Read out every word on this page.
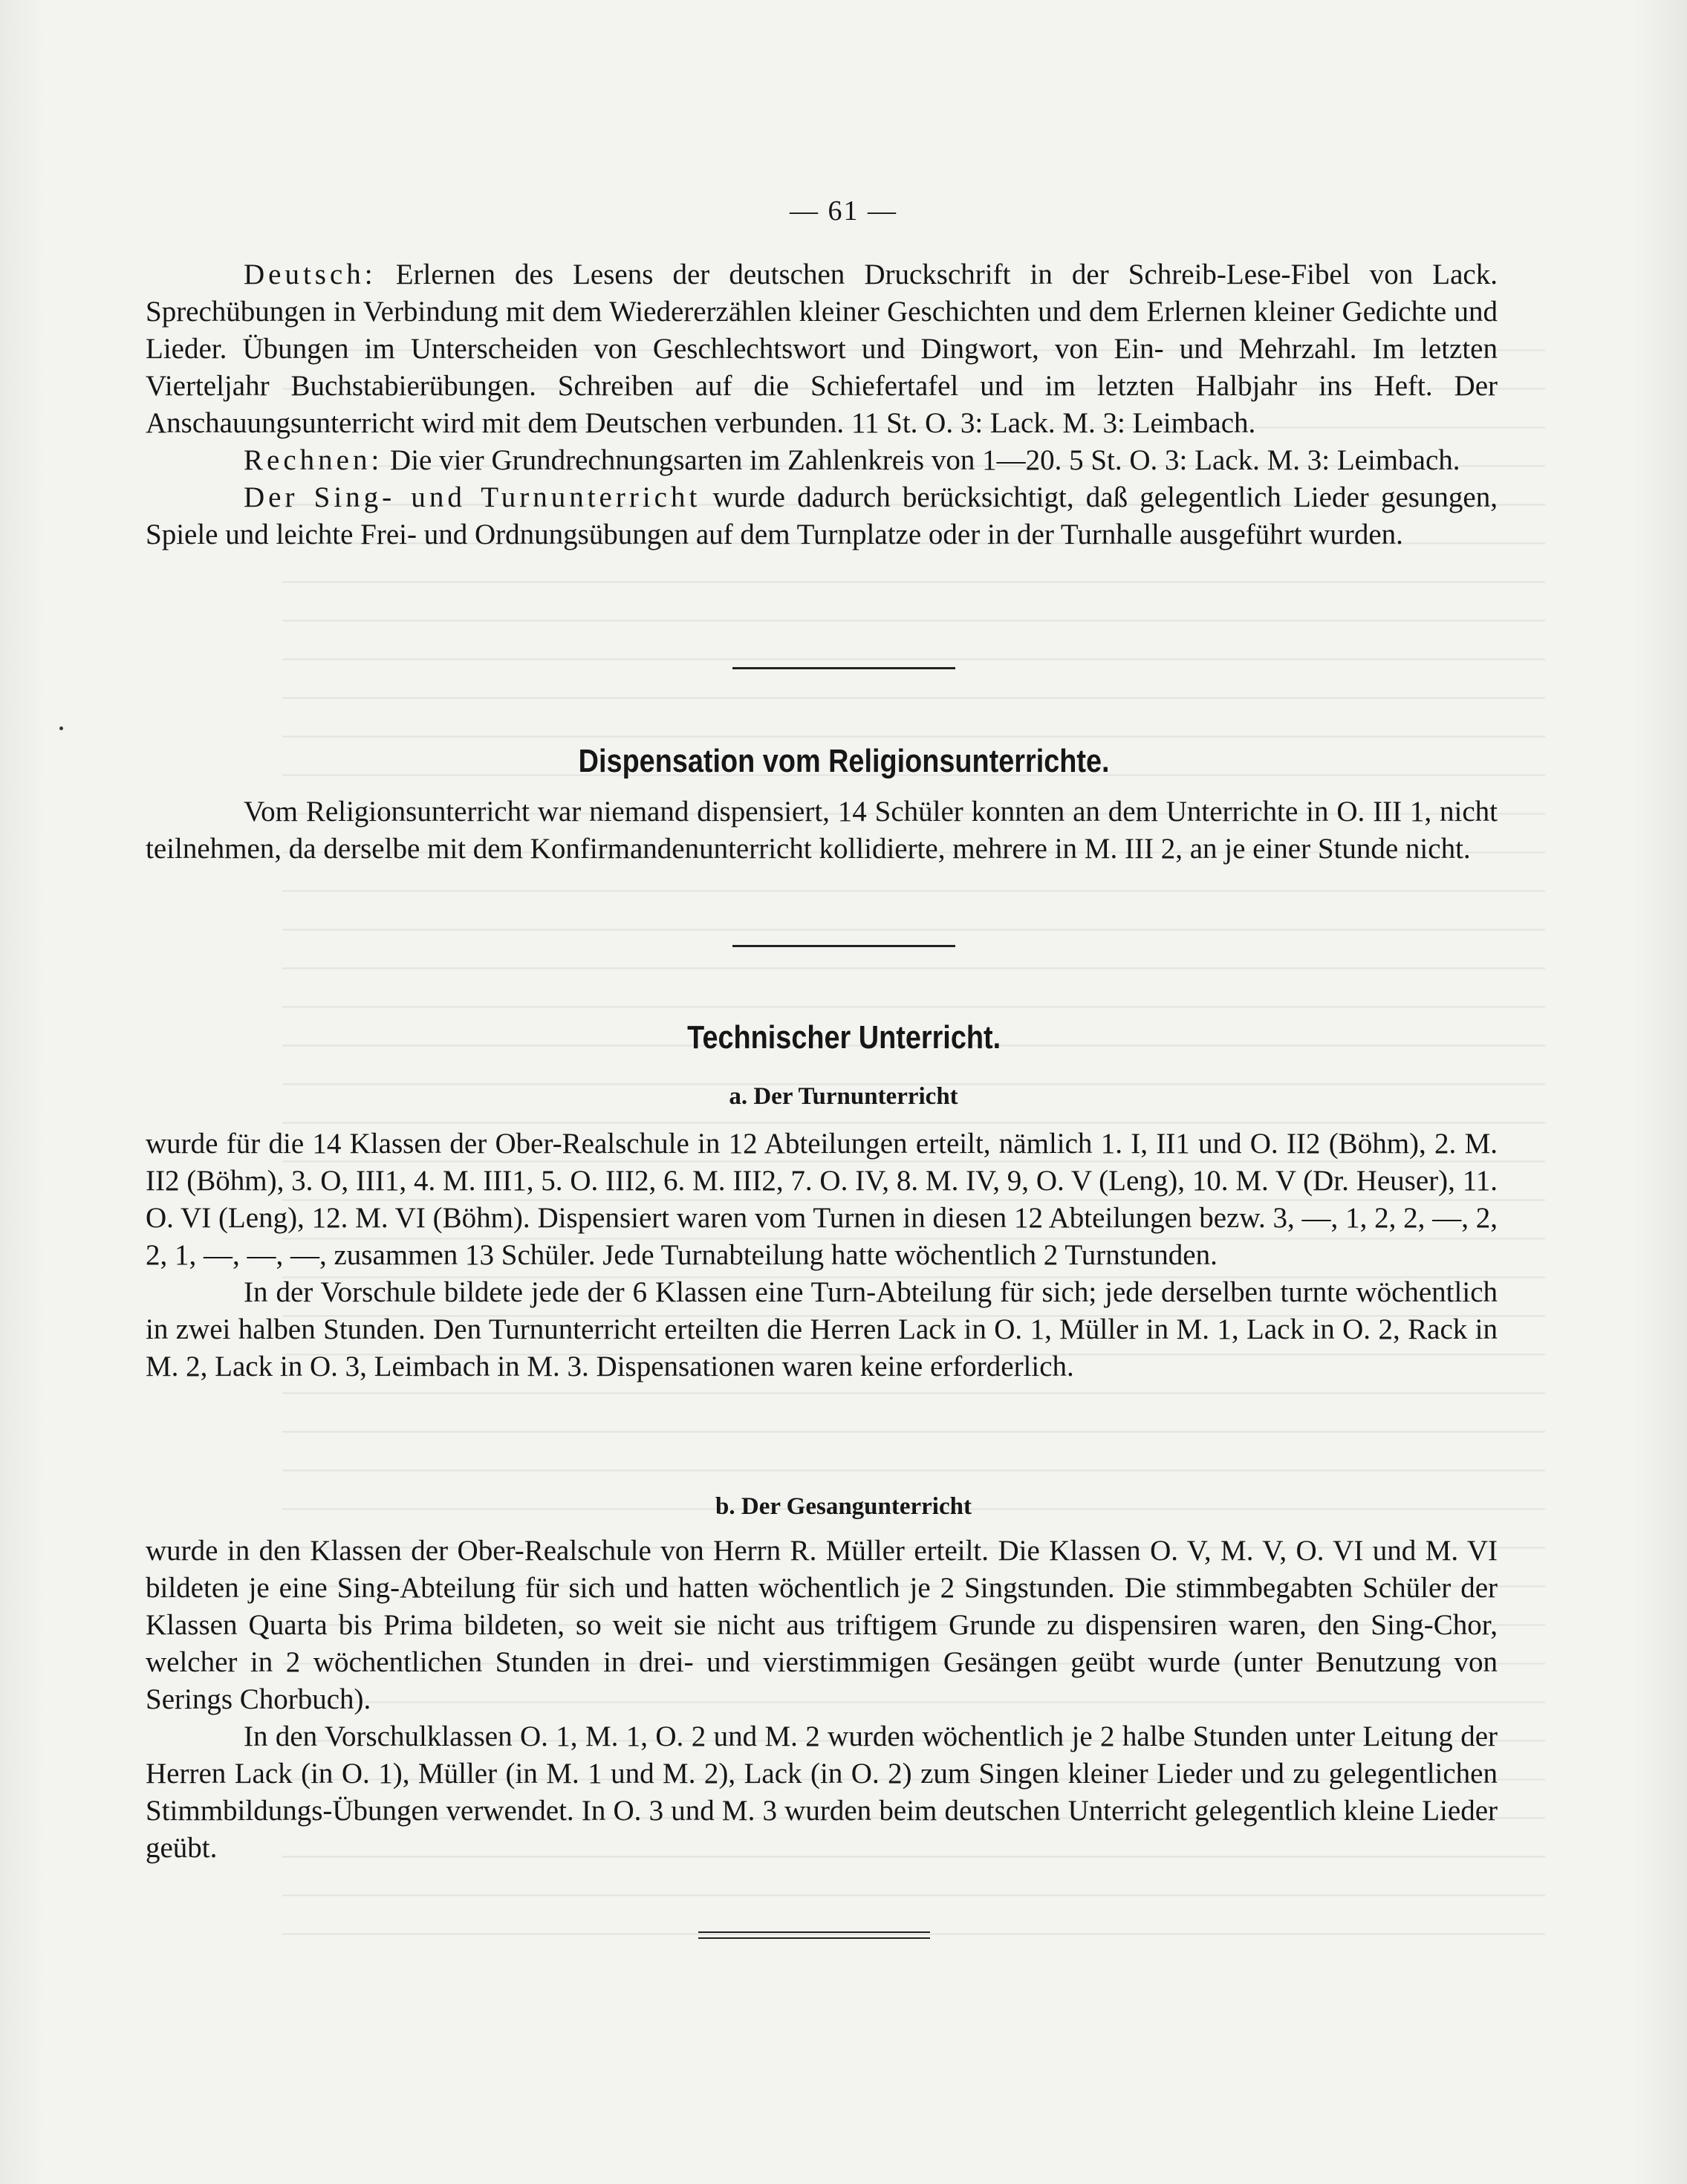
— 61 —

Deutsch: Erlernen des Lesens der deutschen Druckschrift in der Schreib-Lese-Fibel von Lack. Sprechübungen in Verbindung mit dem Wiedererzählen kleiner Geschichten und dem Erlernen kleiner Gedichte und Lieder. Übungen im Unterscheiden von Geschlechtswort und Dingwort, von Ein- und Mehrzahl. Im letzten Vierteljahr Buchstabierübungen. Schreiben auf die Schiefertafel und im letzten Halbjahr ins Heft. Der Anschauungsunterricht wird mit dem Deutschen verbunden. 11 St. O. 3: Lack. M. 3: Leimbach.

Rechnen: Die vier Grundrechnungsarten im Zahlenkreis von 1—20. 5 St. O. 3: Lack. M. 3: Leimbach.

Der Sing- und Turnunterricht wurde dadurch berücksichtigt, daß gelegentlich Lieder gesungen, Spiele und leichte Frei- und Ordnungsübungen auf dem Turnplatze oder in der Turnhalle ausgeführt wurden.

Dispensation vom Religionsunterrichte.

Vom Religionsunterricht war niemand dispensiert, 14 Schüler konnten an dem Unterrichte in O. III 1, nicht teilnehmen, da derselbe mit dem Konfirmandenunterricht kollidierte, mehrere in M. III 2, an je einer Stunde nicht.

Technischer Unterricht.
a. Der Turnunterricht

wurde für die 14 Klassen der Ober-Realschule in 12 Abteilungen erteilt, nämlich 1. I, II1 und O. II2 (Böhm), 2. M. II2 (Böhm), 3. O, III1, 4. M. III1, 5. O. III2, 6. M. III2, 7. O. IV, 8. M. IV, 9, O. V (Leng), 10. M. V (Dr. Heuser), 11. O. VI (Leng), 12. M. VI (Böhm). Dispensiert waren vom Turnen in diesen 12 Abteilungen bezw. 3, —, 1, 2, 2, —, 2, 2, 1, —, —, —, zusammen 13 Schüler. Jede Turnabteilung hatte wöchentlich 2 Turnstunden.

In der Vorschule bildete jede der 6 Klassen eine Turn-Abteilung für sich; jede derselben turnte wöchentlich in zwei halben Stunden. Den Turnunterricht erteilten die Herren Lack in O. 1, Müller in M. 1, Lack in O. 2, Rack in M. 2, Lack in O. 3, Leimbach in M. 3. Dispensationen waren keine erforderlich.

b. Der Gesangunterricht

wurde in den Klassen der Ober-Realschule von Herrn R. Müller erteilt. Die Klassen O. V, M. V, O. VI und M. VI bildeten je eine Sing-Abteilung für sich und hatten wöchentlich je 2 Singstunden. Die stimmbegabten Schüler der Klassen Quarta bis Prima bildeten, so weit sie nicht aus triftigem Grunde zu dispensiren waren, den Sing-Chor, welcher in 2 wöchentlichen Stunden in drei- und vierstimmigen Gesängen geübt wurde (unter Benutzung von Serings Chorbuch).

In den Vorschulklassen O. 1, M. 1, O. 2 und M. 2 wurden wöchentlich je 2 halbe Stunden unter Leitung der Herren Lack (in O. 1), Müller (in M. 1 und M. 2), Lack (in O. 2) zum Singen kleiner Lieder und zu gelegentlichen Stimmbildungs-Übungen verwendet. In O. 3 und M. 3 wurden beim deutschen Unterricht gelegentlich kleine Lieder geübt.
